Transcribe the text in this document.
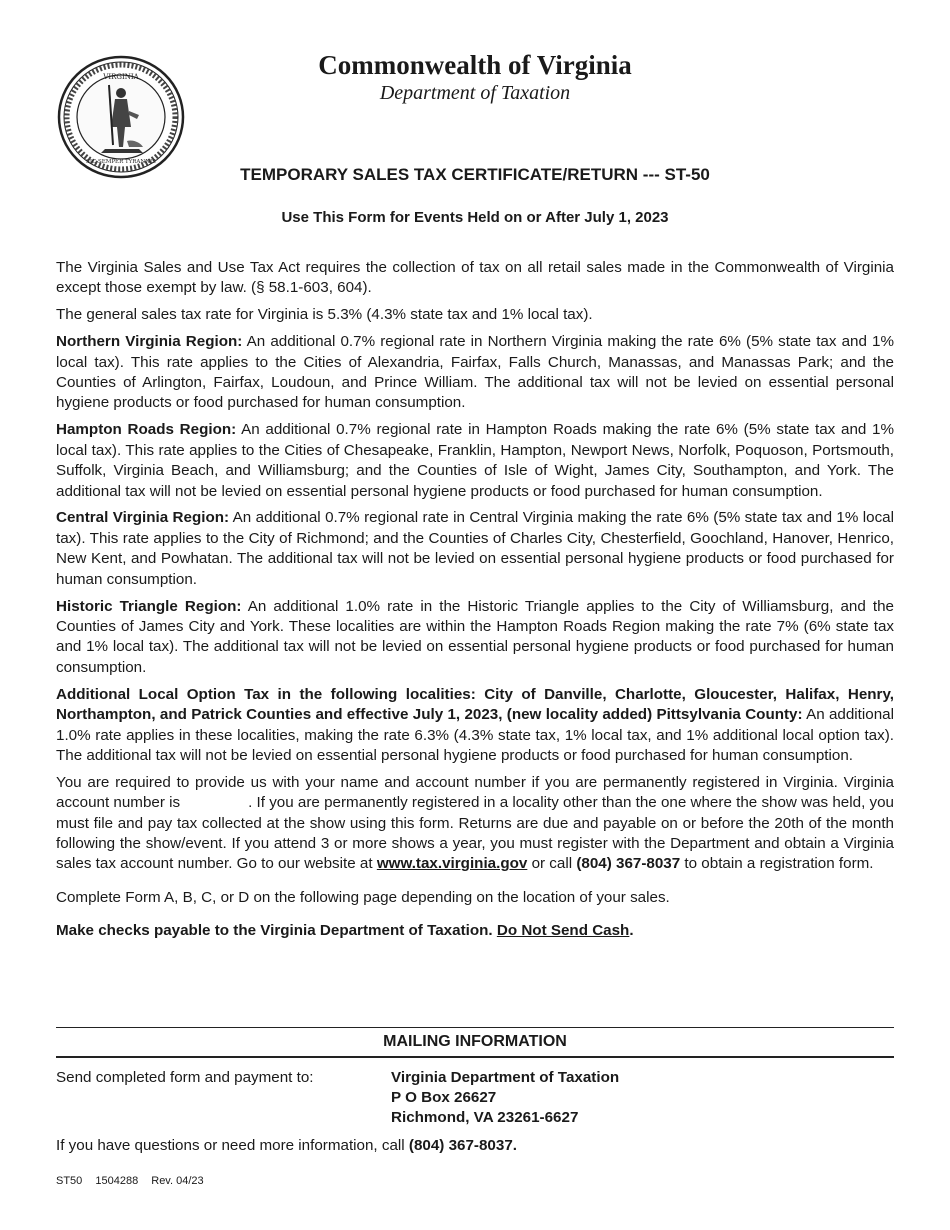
VIRGINIA
SIC SEMPER TYRANNIS
Commonwealth of Virginia
Department of Taxation
TEMPORARY SALES TAX CERTIFICATE/RETURN --- ST-50
Use This Form for Events Held on or After July 1, 2023

The Virginia Sales and Use Tax Act requires the collection of tax on all retail sales made in the Commonwealth of Virginia except those exempt by law. (§ 58.1-603, 604).

The general sales tax rate for Virginia is 5.3% (4.3% state tax and 1% local tax).

Northern Virginia Region: An additional 0.7% regional rate in Northern Virginia making the rate 6% (5% state tax and 1% local tax). This rate applies to the Cities of Alexandria, Fairfax, Falls Church, Manassas, and Manassas Park; and the Counties of Arlington, Fairfax, Loudoun, and Prince William. The additional tax will not be levied on essential personal hygiene products or food purchased for human consumption.

Hampton Roads Region: An additional 0.7% regional rate in Hampton Roads making the rate 6% (5% state tax and 1% local tax). This rate applies to the Cities of Chesapeake, Franklin, Hampton, Newport News, Norfolk, Poquoson, Portsmouth, Suffolk, Virginia Beach, and Williamsburg; and the Counties of Isle of Wight, James City, Southampton, and York. The additional tax will not be levied on essential personal hygiene products or food purchased for human consumption.

Central Virginia Region: An additional 0.7% regional rate in Central Virginia making the rate 6% (5% state tax and 1% local tax). This rate applies to the City of Richmond; and the Counties of Charles City, Chesterfield, Goochland, Hanover, Henrico, New Kent, and Powhatan. The additional tax will not be levied on essential personal hygiene products or food purchased for human consumption.

Historic Triangle Region: An additional 1.0% rate in the Historic Triangle applies to the City of Williamsburg, and the Counties of James City and York. These localities are within the Hampton Roads Region making the rate 7% (6% state tax and 1% local tax). The additional tax will not be levied on essential personal hygiene products or food purchased for human consumption.

Additional Local Option Tax in the following localities: City of Danville, Charlotte, Gloucester, Halifax, Henry, Northampton, and Patrick Counties and effective July 1, 2023, (new locality added) Pittsylvania County: An additional 1.0% rate applies in these localities, making the rate 6.3% (4.3% state tax, 1% local tax, and 1% additional local option tax). The additional tax will not be levied on essential personal hygiene products or food purchased for human consumption.

You are required to provide us with your name and account number if you are permanently registered in Virginia. Virginia account number is	. If you are permanently registered in a locality other than the one where the show was held, you must file and pay tax collected at the show using this form. Returns are due and payable on or before the 20th of the month following the show/event. If you attend 3 or more shows a year, you must register with the Department and obtain a Virginia sales tax account number. Go to our website at www.tax.virginia.gov or call (804) 367-8037 to obtain a registration form.

Complete Form A, B, C, or D on the following page depending on the location of your sales.

Make checks payable to the Virginia Department of Taxation. Do Not Send Cash.

MAILING INFORMATION
Send completed form and payment to:	Virginia Department of Taxation
P O Box 26627
Richmond, VA 23261-6627
If you have questions or need more information, call (804) 367-8037.
ST50 1504288 Rev. 04/23
